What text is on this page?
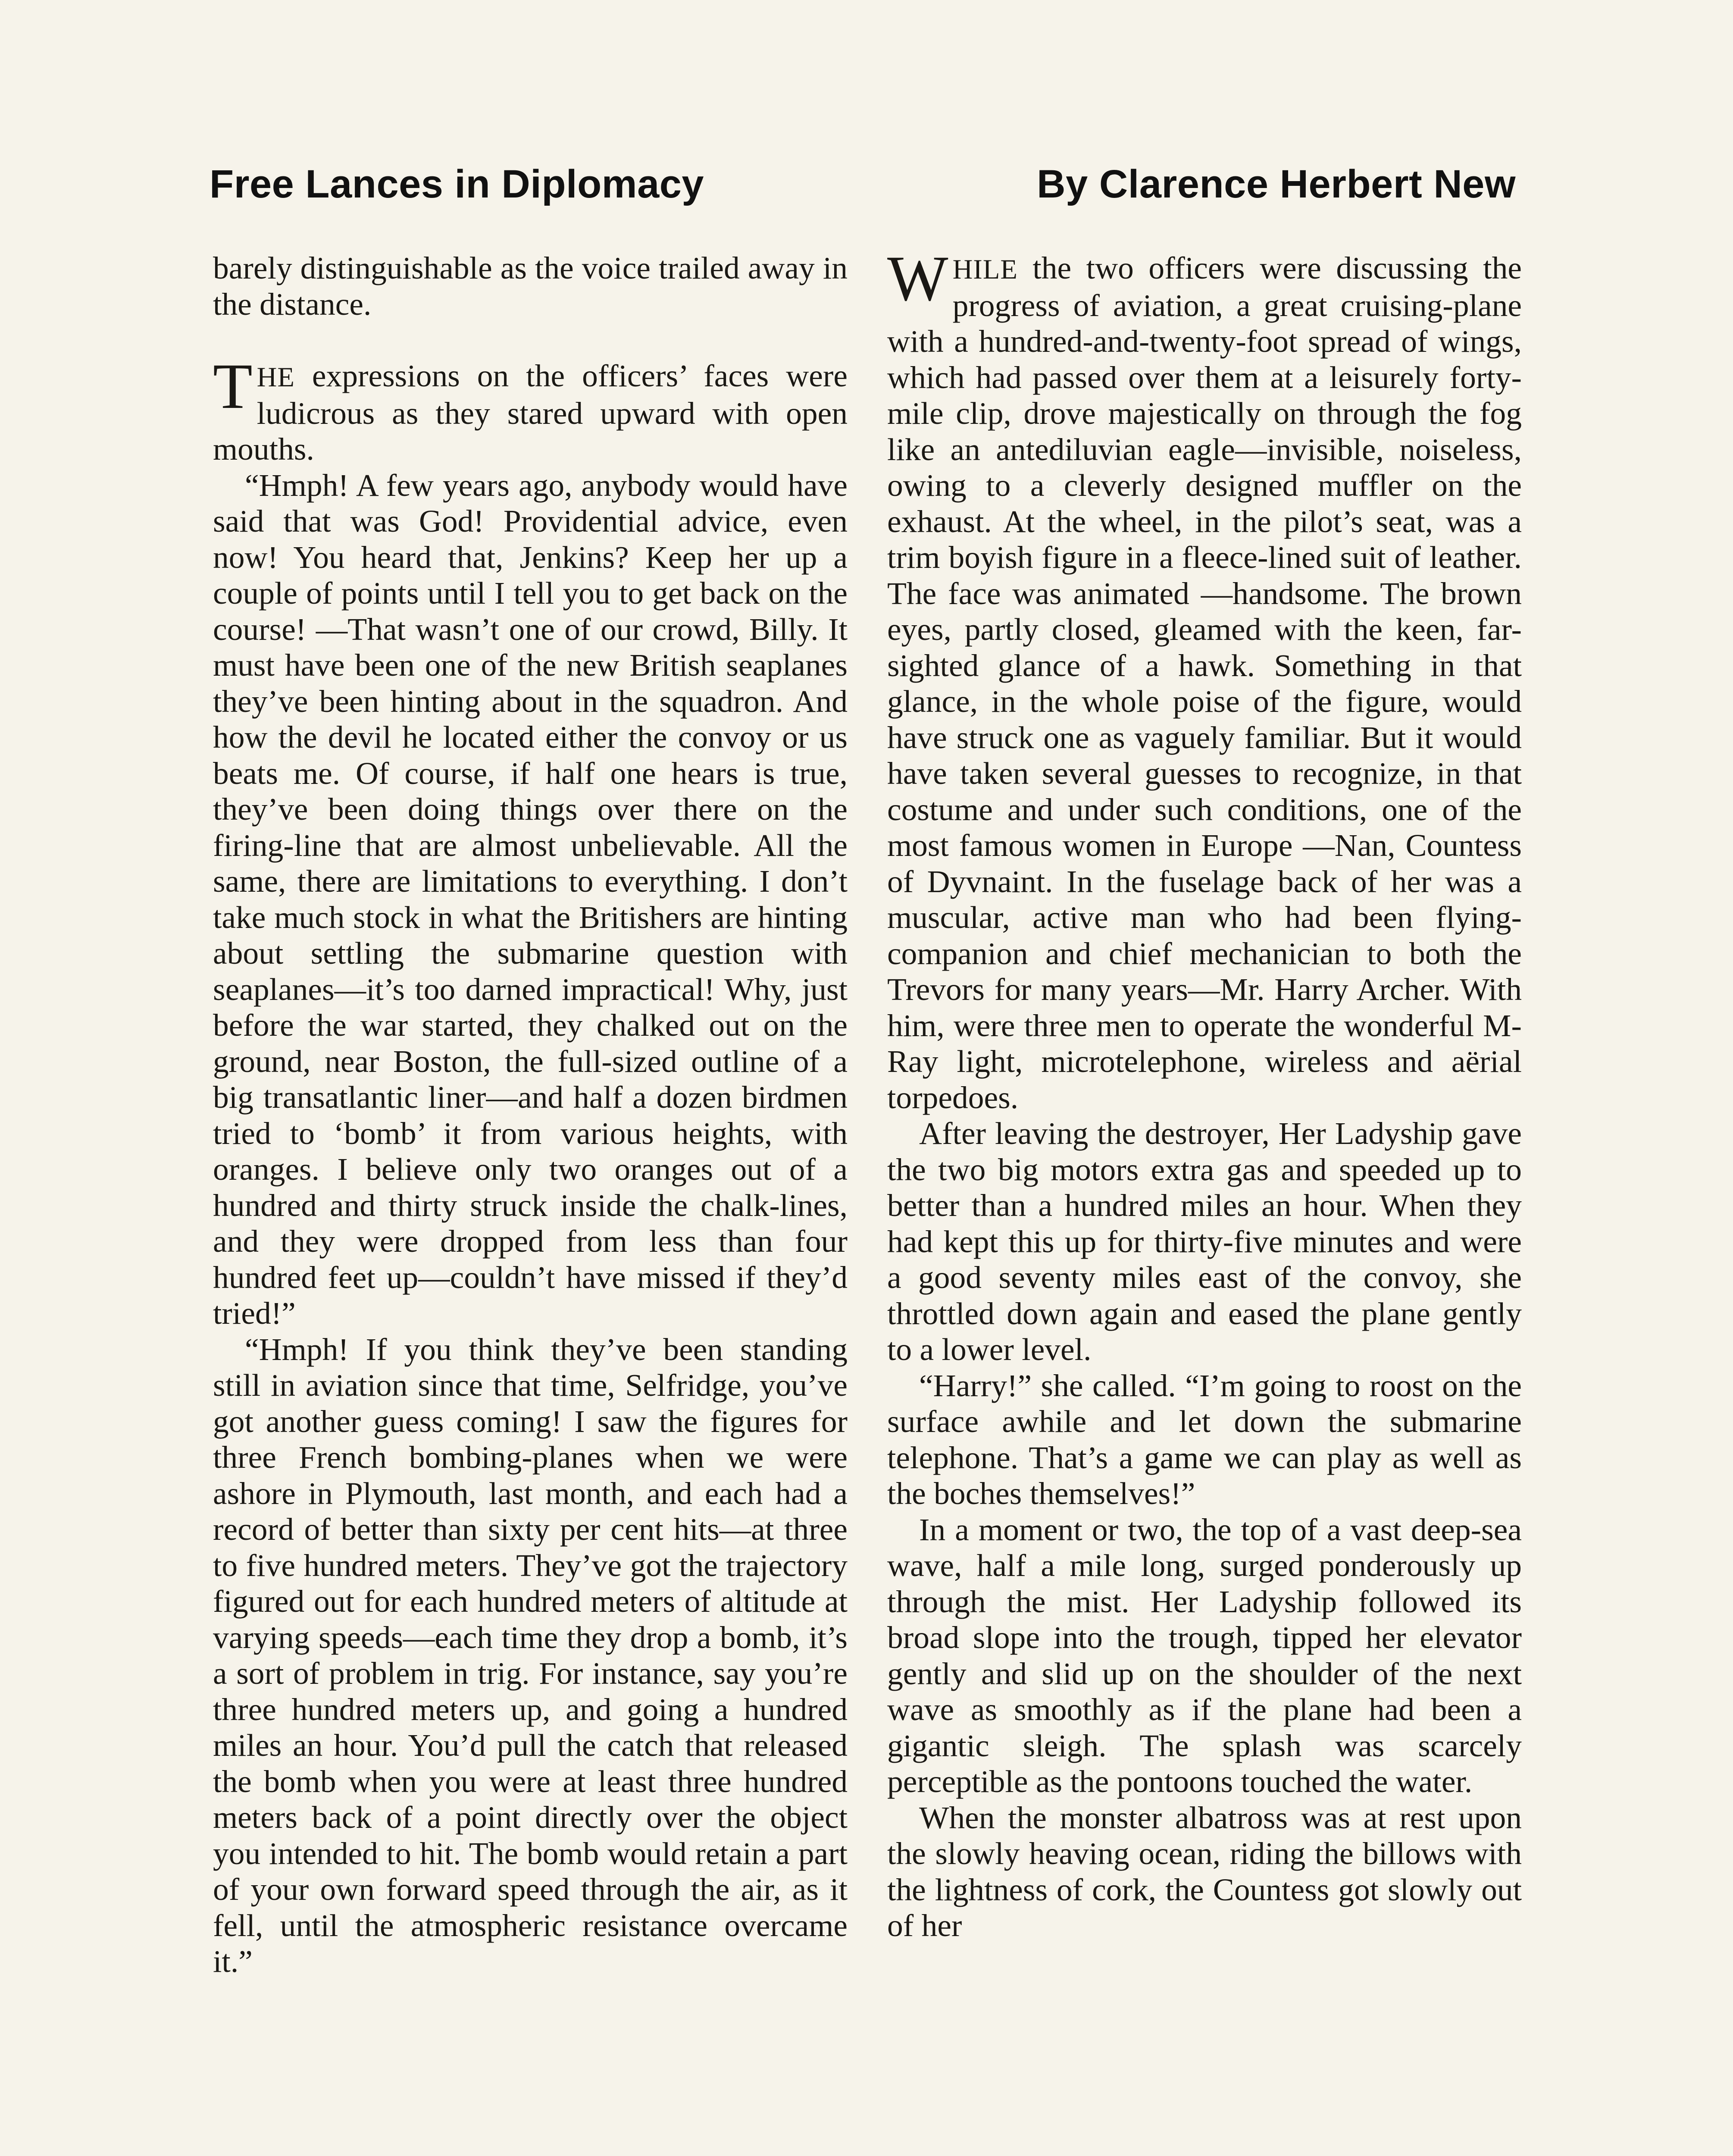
Free Lances in Diplomacy	By Clarence Herbert New

barely distinguishable as the voice trailed away in the distance.

THE expressions on the officers’ faces were ludicrous as they stared upward with open mouths.

“Hmph! A few years ago, anybody would have said that was God! Providential advice, even now! You heard that, Jenkins? Keep her up a couple of points until I tell you to get back on the course! —That wasn’t one of our crowd, Billy. It must have been one of the new British seaplanes they’ve been hinting about in the squadron. And how the devil he located either the convoy or us beats me. Of course, if half one hears is true, they’ve been doing things over there on the firing-line that are almost unbelievable. All the same, there are limitations to everything. I don’t take much stock in what the Britishers are hinting about settling the submarine question with seaplanes—it’s too darned impractical! Why, just before the war started, they chalked out on the ground, near Boston, the full-sized outline of a big transatlantic liner—and half a dozen birdmen tried to ‘bomb’ it from various heights, with oranges. I believe only two oranges out of a hundred and thirty struck inside the chalk-lines, and they were dropped from less than four hundred feet up—couldn’t have missed if they’d tried!”

“Hmph! If you think they’ve been standing still in aviation since that time, Selfridge, you’ve got another guess coming! I saw the figures for three French bombing-planes when we were ashore in Plymouth, last month, and each had a record of better than sixty per cent hits—at three to five hundred meters. They’ve got the trajectory figured out for each hundred meters of altitude at varying speeds—each time they drop a bomb, it’s a sort of problem in trig. For instance, say you’re three hundred meters up, and going a hundred miles an hour. You’d pull the catch that released the bomb when you were at least three hundred meters back of a point directly over the object you intended to hit. The bomb would retain a part of your own forward speed through the air, as it fell, until the atmospheric resistance overcame it.”

WHILE the two officers were discussing the progress of aviation, a great cruising-plane with a hundred-and-twenty-foot spread of wings, which had passed over them at a leisurely forty-mile clip, drove majestically on through the fog like an antediluvian eagle—invisible, noiseless, owing to a cleverly designed muffler on the exhaust. At the wheel, in the pilot’s seat, was a trim boyish figure in a fleece-lined suit of leather. The face was animated —handsome. The brown eyes, partly closed, gleamed with the keen, far-sighted glance of a hawk. Something in that glance, in the whole poise of the figure, would have struck one as vaguely familiar. But it would have taken several guesses to recognize, in that costume and under such conditions, one of the most famous women in Europe —Nan, Countess of Dyvnaint. In the fuselage back of her was a muscular, active man who had been flying-companion and chief mechanician to both the Trevors for many years—Mr. Harry Archer. With him, were three men to operate the wonderful M-Ray light, microtelephone, wireless and aërial torpedoes.

After leaving the destroyer, Her Ladyship gave the two big motors extra gas and speeded up to better than a hundred miles an hour. When they had kept this up for thirty-five minutes and were a good seventy miles east of the convoy, she throttled down again and eased the plane gently to a lower level.

“Harry!” she called. “I’m going to roost on the surface awhile and let down the submarine telephone. That’s a game we can play as well as the boches themselves!”

In a moment or two, the top of a vast deep-sea wave, half a mile long, surged ponderously up through the mist. Her Ladyship followed its broad slope into the trough, tipped her elevator gently and slid up on the shoulder of the next wave as smoothly as if the plane had been a gigantic sleigh. The splash was scarcely perceptible as the pontoons touched the water.

When the monster albatross was at rest upon the slowly heaving ocean, riding the billows with the lightness of cork, the Countess got slowly out of her
